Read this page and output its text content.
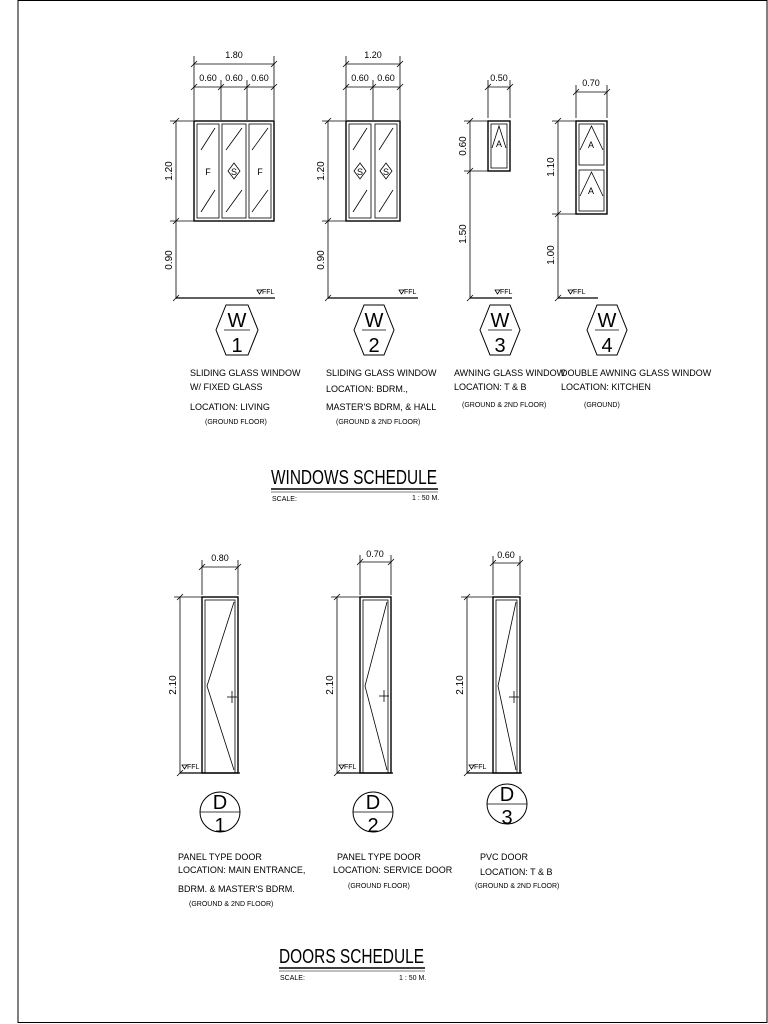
1.80
0.60 0.60 0.60
1.20
0.90
FFL
F S F
W
1
SLIDING GLASS WINDOW
W/ FIXED GLASS
LOCATION: LIVING
(GROUND FLOOR)
1.20
0.60 0.60
1.20
0.90
FFL
S S
W
2
SLIDING GLASS WINDOW
LOCATION: BDRM.,
MASTER'S BDRM, & HALL
(GROUND & 2ND FLOOR)
0.50
0.60
1.50
FFL
A
W
3
AWNING GLASS WINDOW
LOCATION: T & B
(GROUND & 2ND FLOOR)
0.70
1.10
1.00
FFL
A
A
W
4
DOUBLE AWNING GLASS WINDOW
LOCATION: KITCHEN
(GROUND)
WINDOWS SCHEDULE
SCALE:	1 : 50 M.
0.80
2.10
FFL
D
1
PANEL TYPE DOOR
LOCATION: MAIN ENTRANCE,
BDRM. & MASTER'S BDRM.
(GROUND & 2ND FLOOR)
0.70
2.10
FFL
D
2
PANEL TYPE DOOR
LOCATION: SERVICE DOOR
(GROUND FLOOR)
0.60
2.10
FFL
D
3
PVC DOOR
LOCATION: T & B
(GROUND & 2ND FLOOR)
DOORS SCHEDULE
SCALE:	1 : 50 M.
